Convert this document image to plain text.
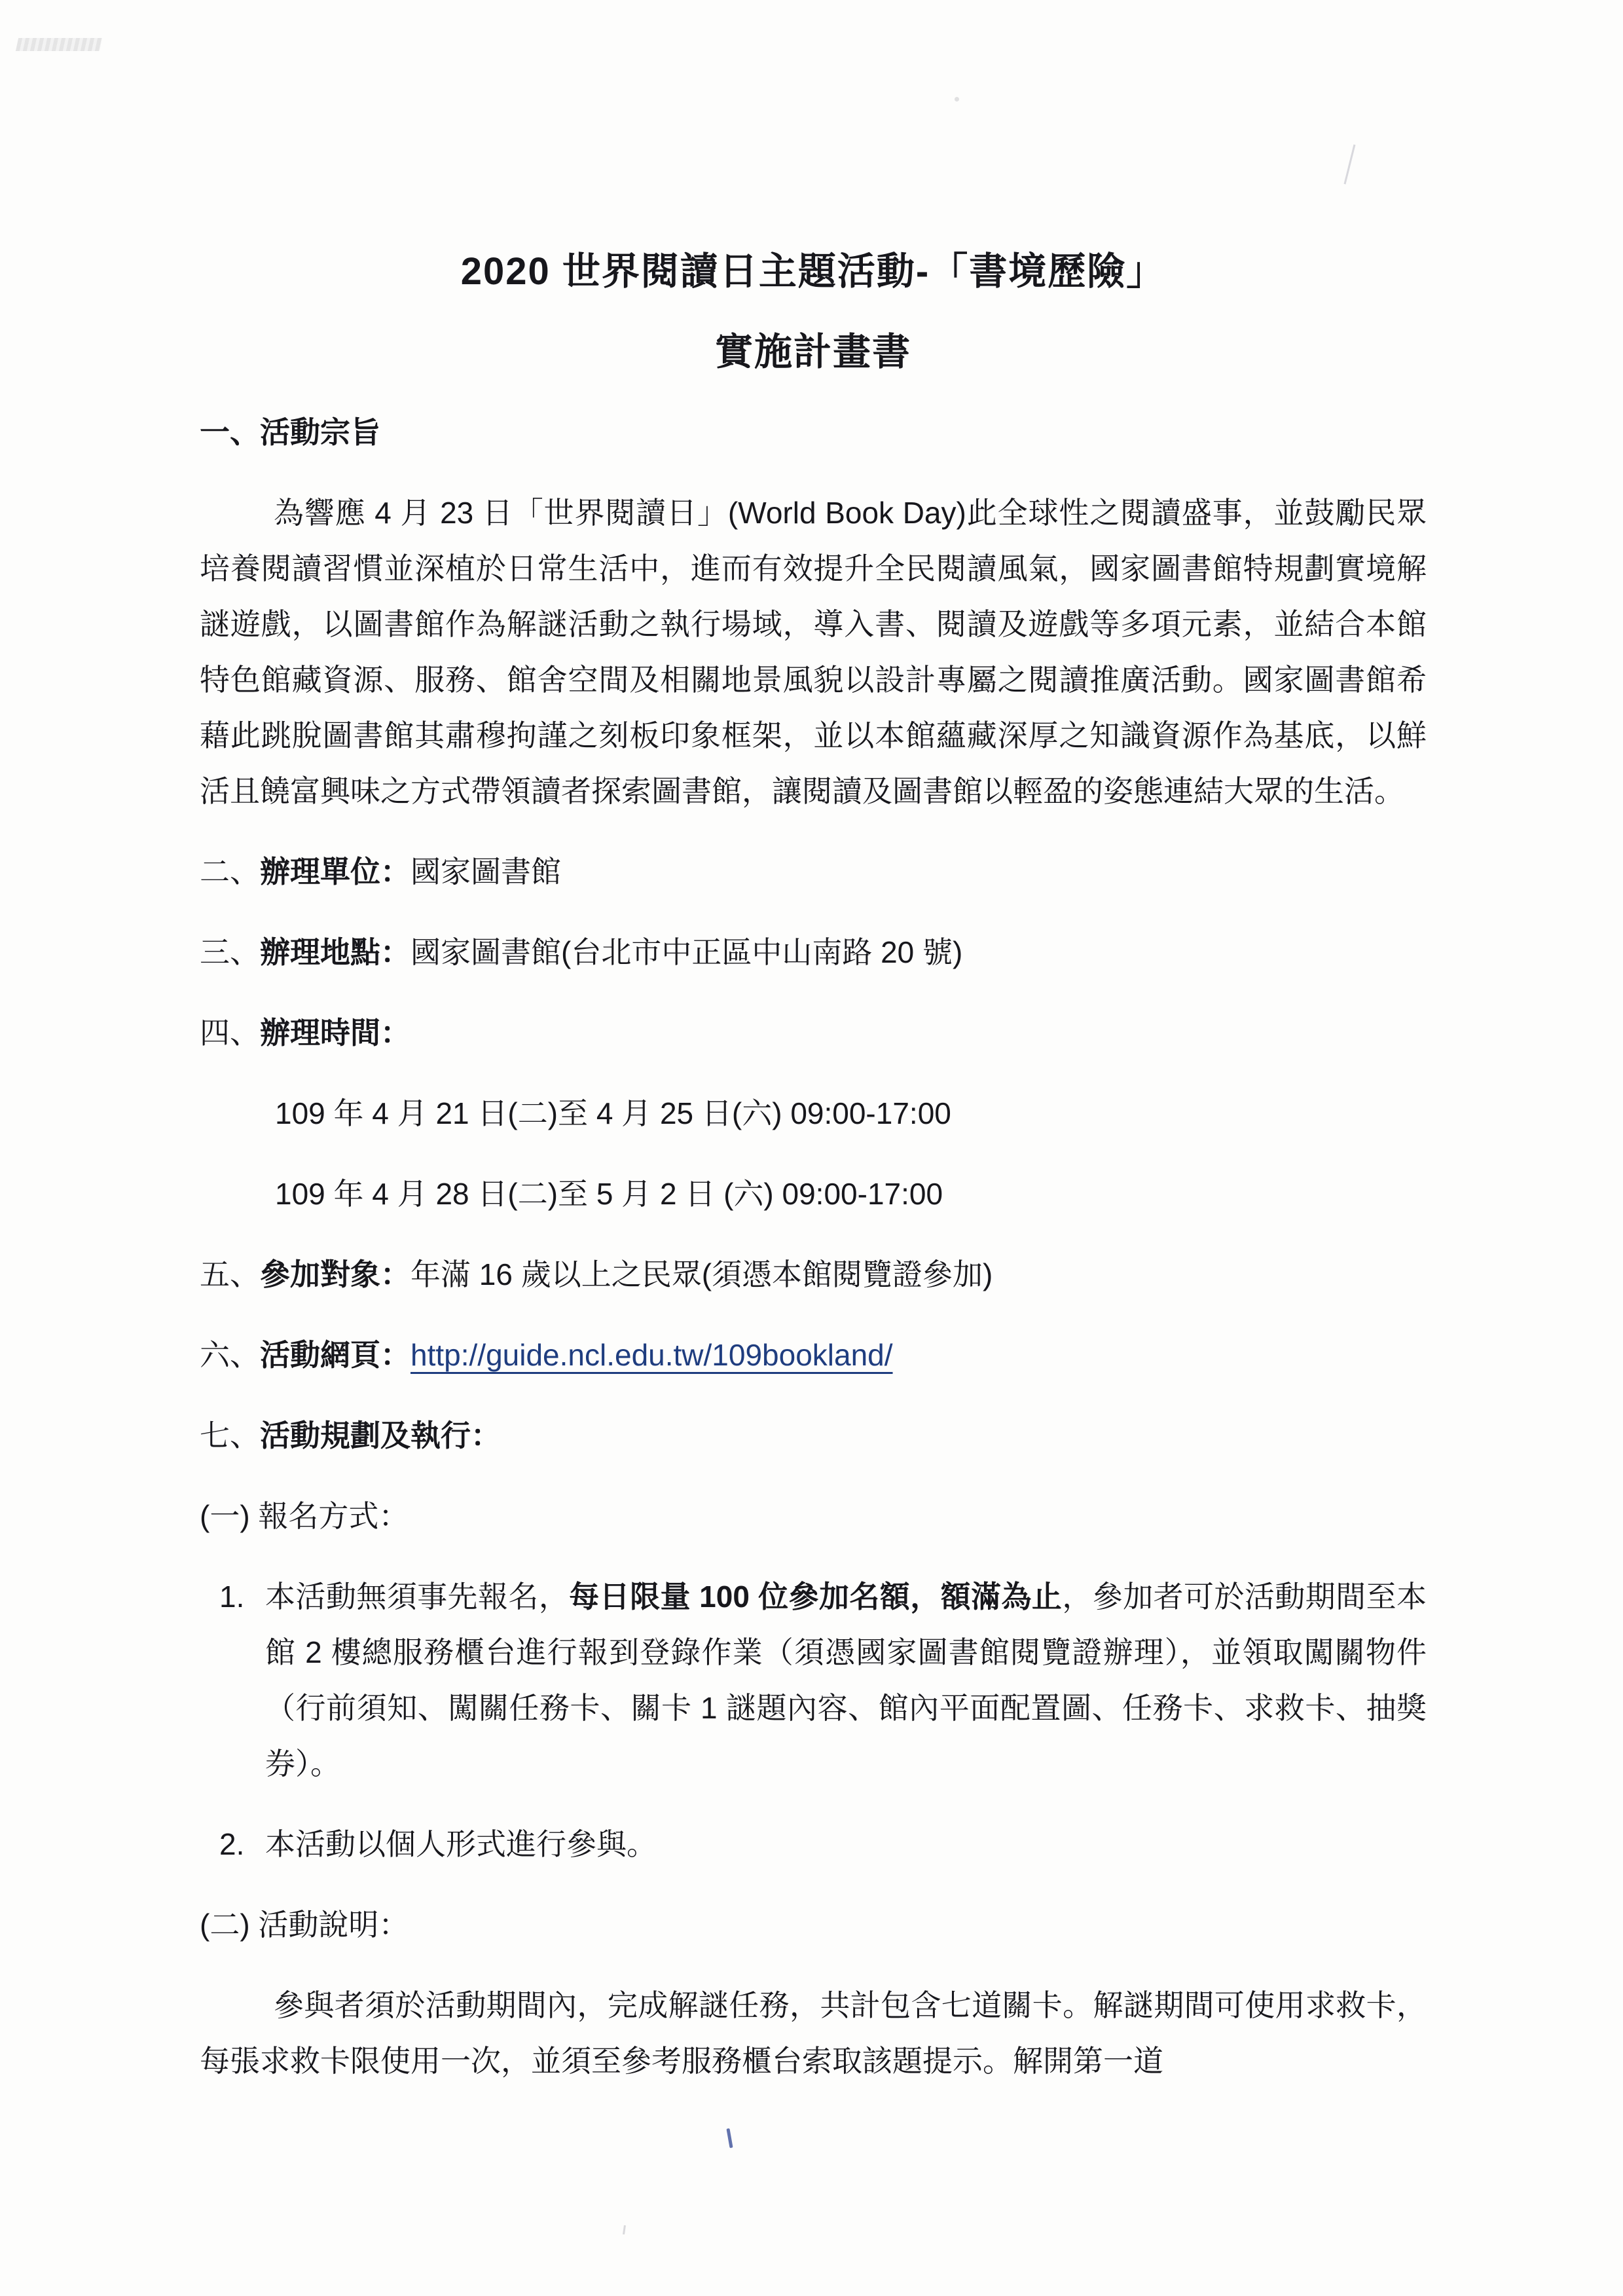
2020 世界閱讀日主題活動-「書境歷險」
實施計畫書
一、活動宗旨
為響應 4 月 23 日「世界閱讀日」(World Book Day)此全球性之閱讀盛事，並鼓勵民眾培養閱讀習慣並深植於日常生活中，進而有效提升全民閱讀風氣，國家圖書館特規劃實境解謎遊戲，以圖書館作為解謎活動之執行場域，導入書、閱讀及遊戲等多項元素，並結合本館特色館藏資源、服務、館舍空間及相關地景風貌以設計專屬之閱讀推廣活動。國家圖書館希藉此跳脫圖書館其肅穆拘謹之刻板印象框架，並以本館蘊藏深厚之知識資源作為基底，以鮮活且饒富興味之方式帶領讀者探索圖書館，讓閱讀及圖書館以輕盈的姿態連結大眾的生活。
二、辦理單位：國家圖書館
三、辦理地點：國家圖書館(台北市中正區中山南路 20 號)
四、辦理時間：
109 年 4 月 21 日(二)至 4 月 25 日(六) 09:00-17:00
109 年 4 月 28 日(二)至 5 月 2 日 (六) 09:00-17:00
五、參加對象：年滿 16 歲以上之民眾(須憑本館閱覽證參加)
六、活動網頁：http://guide.ncl.edu.tw/109bookland/
七、活動規劃及執行：
(一) 報名方式：
1. 本活動無須事先報名，每日限量 100 位參加名額，額滿為止，參加者可於活動期間至本館 2 樓總服務櫃台進行報到登錄作業（須憑國家圖書館閱覽證辦理），並領取闖關物件（行前須知、闖關任務卡、關卡 1 謎題內容、館內平面配置圖、任務卡、求救卡、抽獎券）。
2. 本活動以個人形式進行參與。
(二) 活動說明：
參與者須於活動期間內，完成解謎任務，共計包含七道關卡。解謎期間可使用求救卡，每張求救卡限使用一次，並須至參考服務櫃台索取該題提示。解開第一道
